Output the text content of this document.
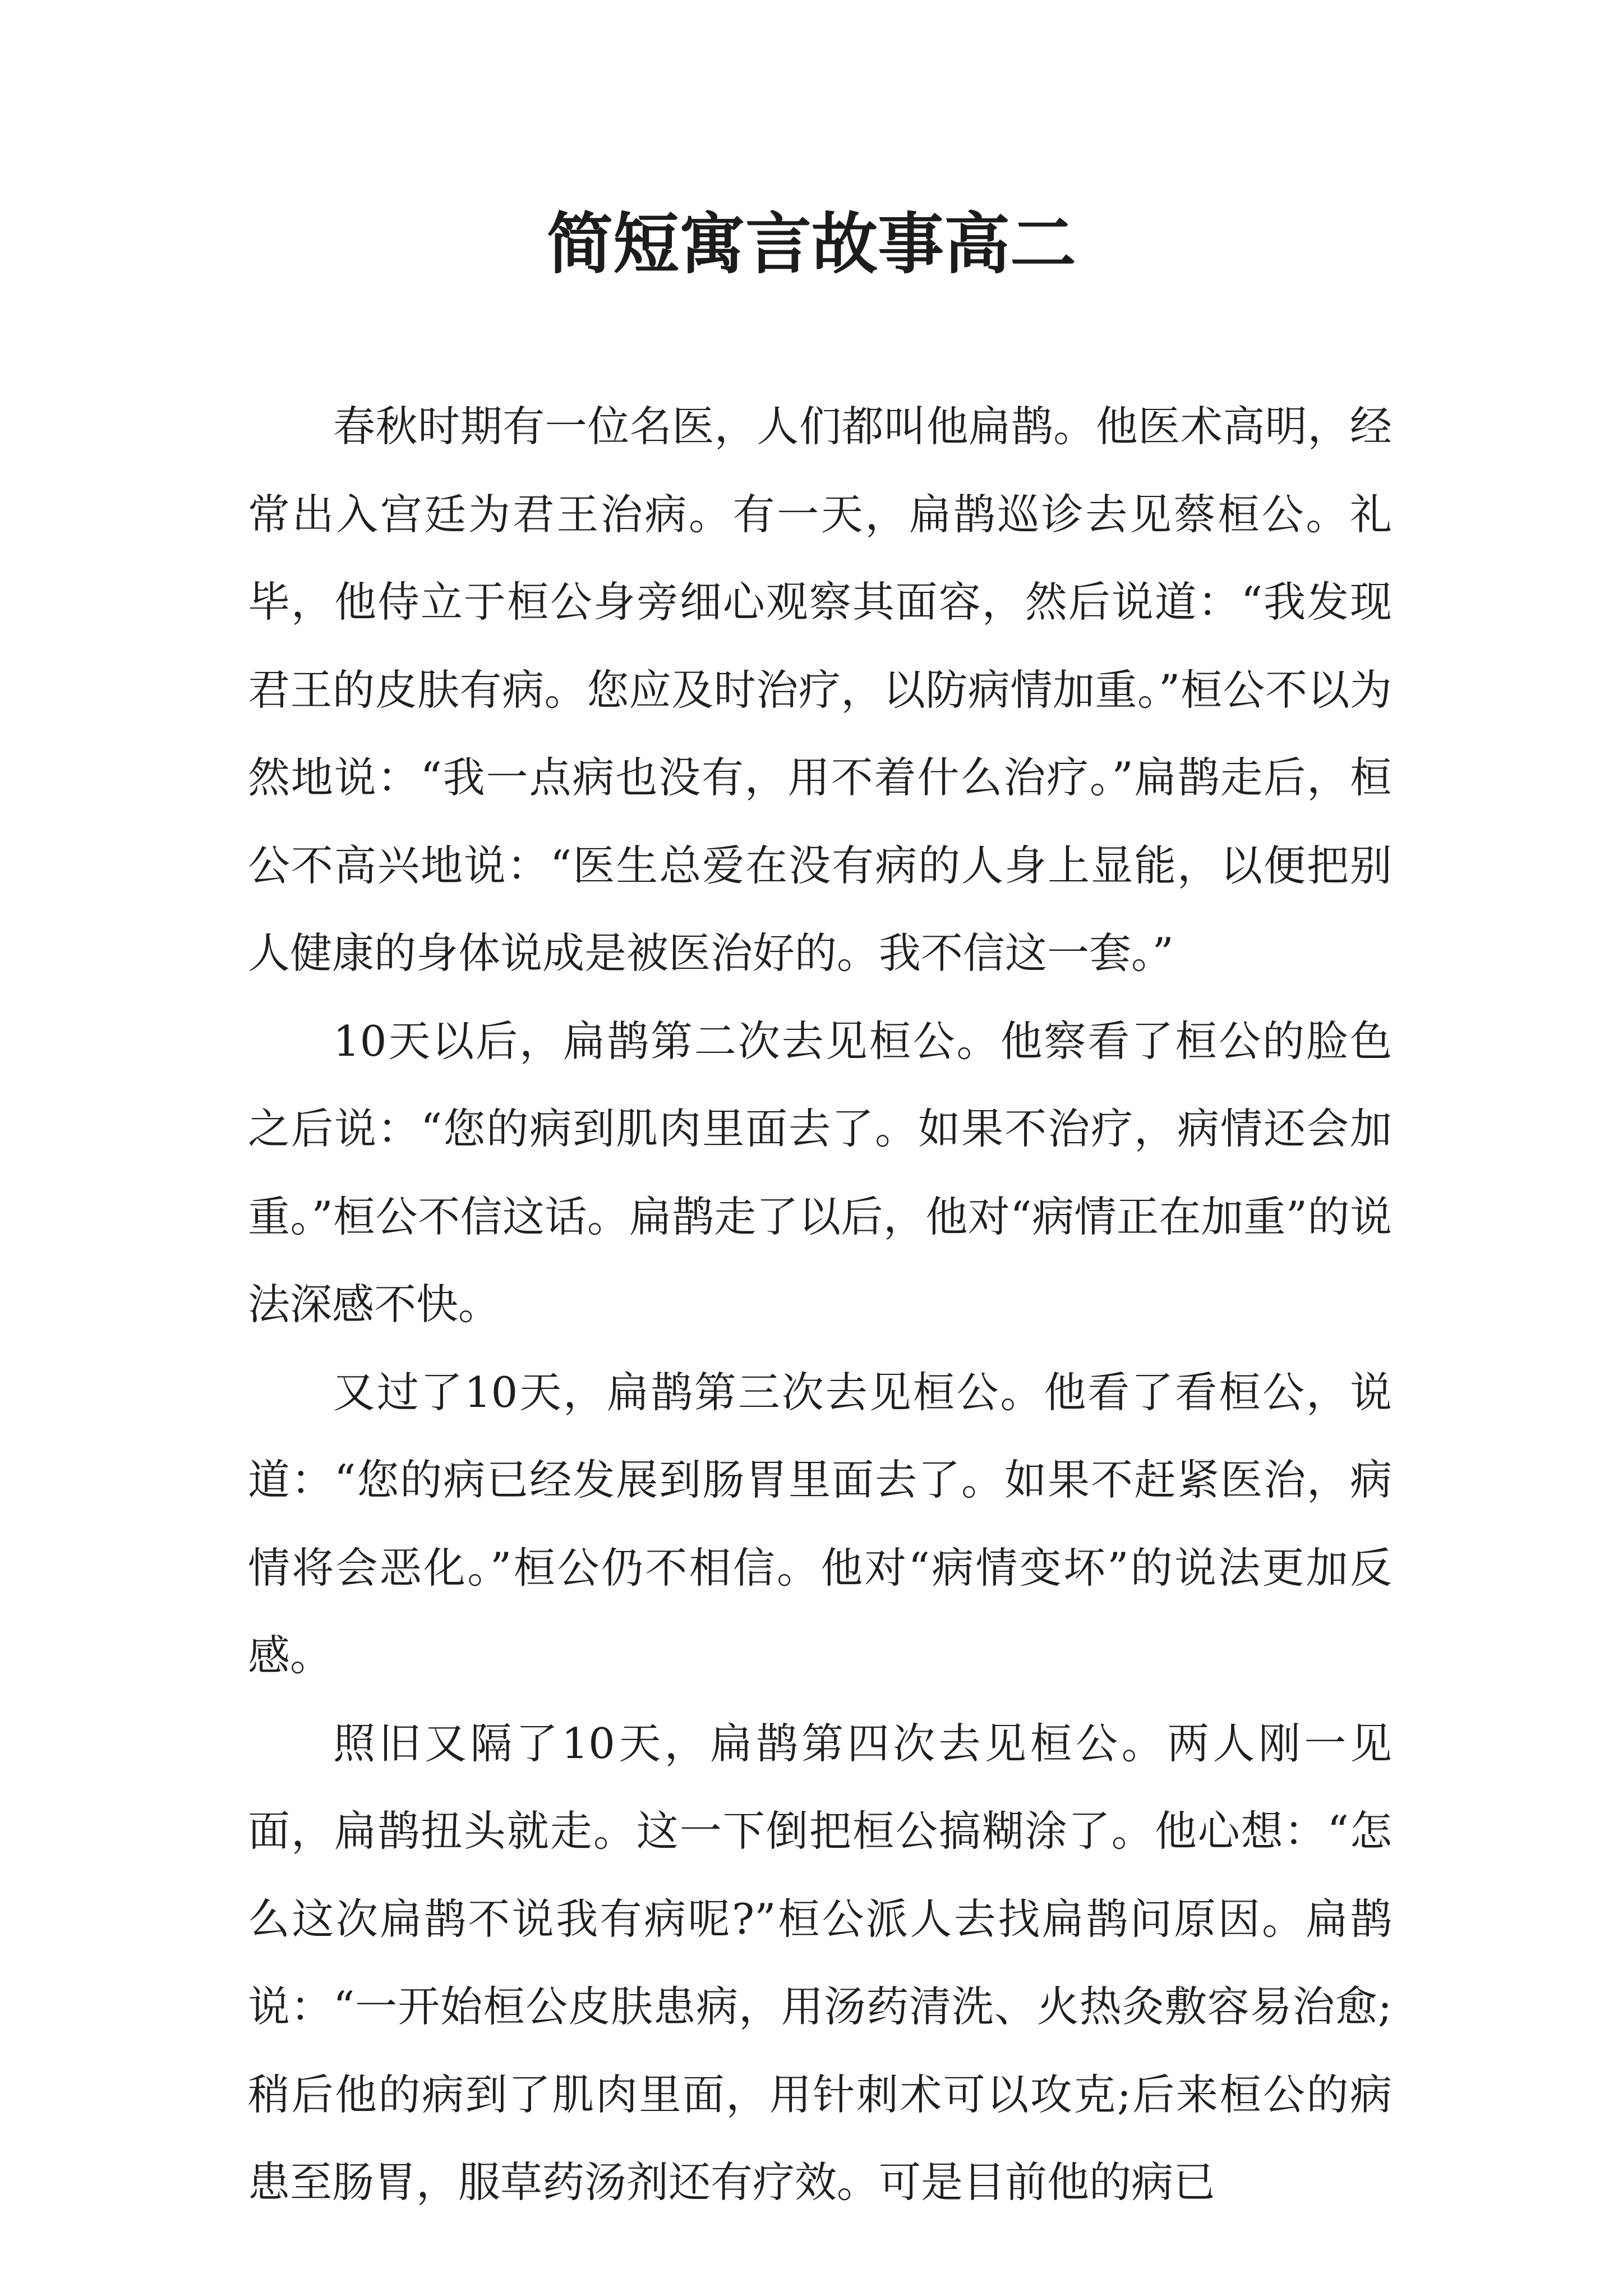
简短寓言故事高二

春秋时期有一位名医，人们都叫他扁鹊。他医术高明，经常出入宫廷为君王治病。有一天，扁鹊巡诊去见蔡桓公。礼毕，他侍立于桓公身旁细心观察其面容，然后说道：“我发现君王的皮肤有病。您应及时治疗，以防病情加重。”桓公不以为然地说：“我一点病也没有，用不着什么治疗。”扁鹊走后，桓公不高兴地说：“医生总爱在没有病的人身上显能，以便把别人健康的身体说成是被医治好的。我不信这一套。”

10天以后，扁鹊第二次去见桓公。他察看了桓公的脸色之后说：“您的病到肌肉里面去了。如果不治疗，病情还会加重。”桓公不信这话。扁鹊走了以后，他对“病情正在加重”的说法深感不快。

又过了10天，扁鹊第三次去见桓公。他看了看桓公，说道：“您的病已经发展到肠胃里面去了。如果不赶紧医治，病情将会恶化。”桓公仍不相信。他对“病情变坏”的说法更加反感。

照旧又隔了10天，扁鹊第四次去见桓公。两人刚一见面，扁鹊扭头就走。这一下倒把桓公搞糊涂了。他心想：“怎么这次扁鹊不说我有病呢?”桓公派人去找扁鹊问原因。扁鹊说：“一开始桓公皮肤患病，用汤药清洗、火热灸敷容易治愈;稍后他的病到了肌肉里面，用针刺术可以攻克;后来桓公的病患至肠胃，服草药汤剂还有疗效。可是目前他的病已
